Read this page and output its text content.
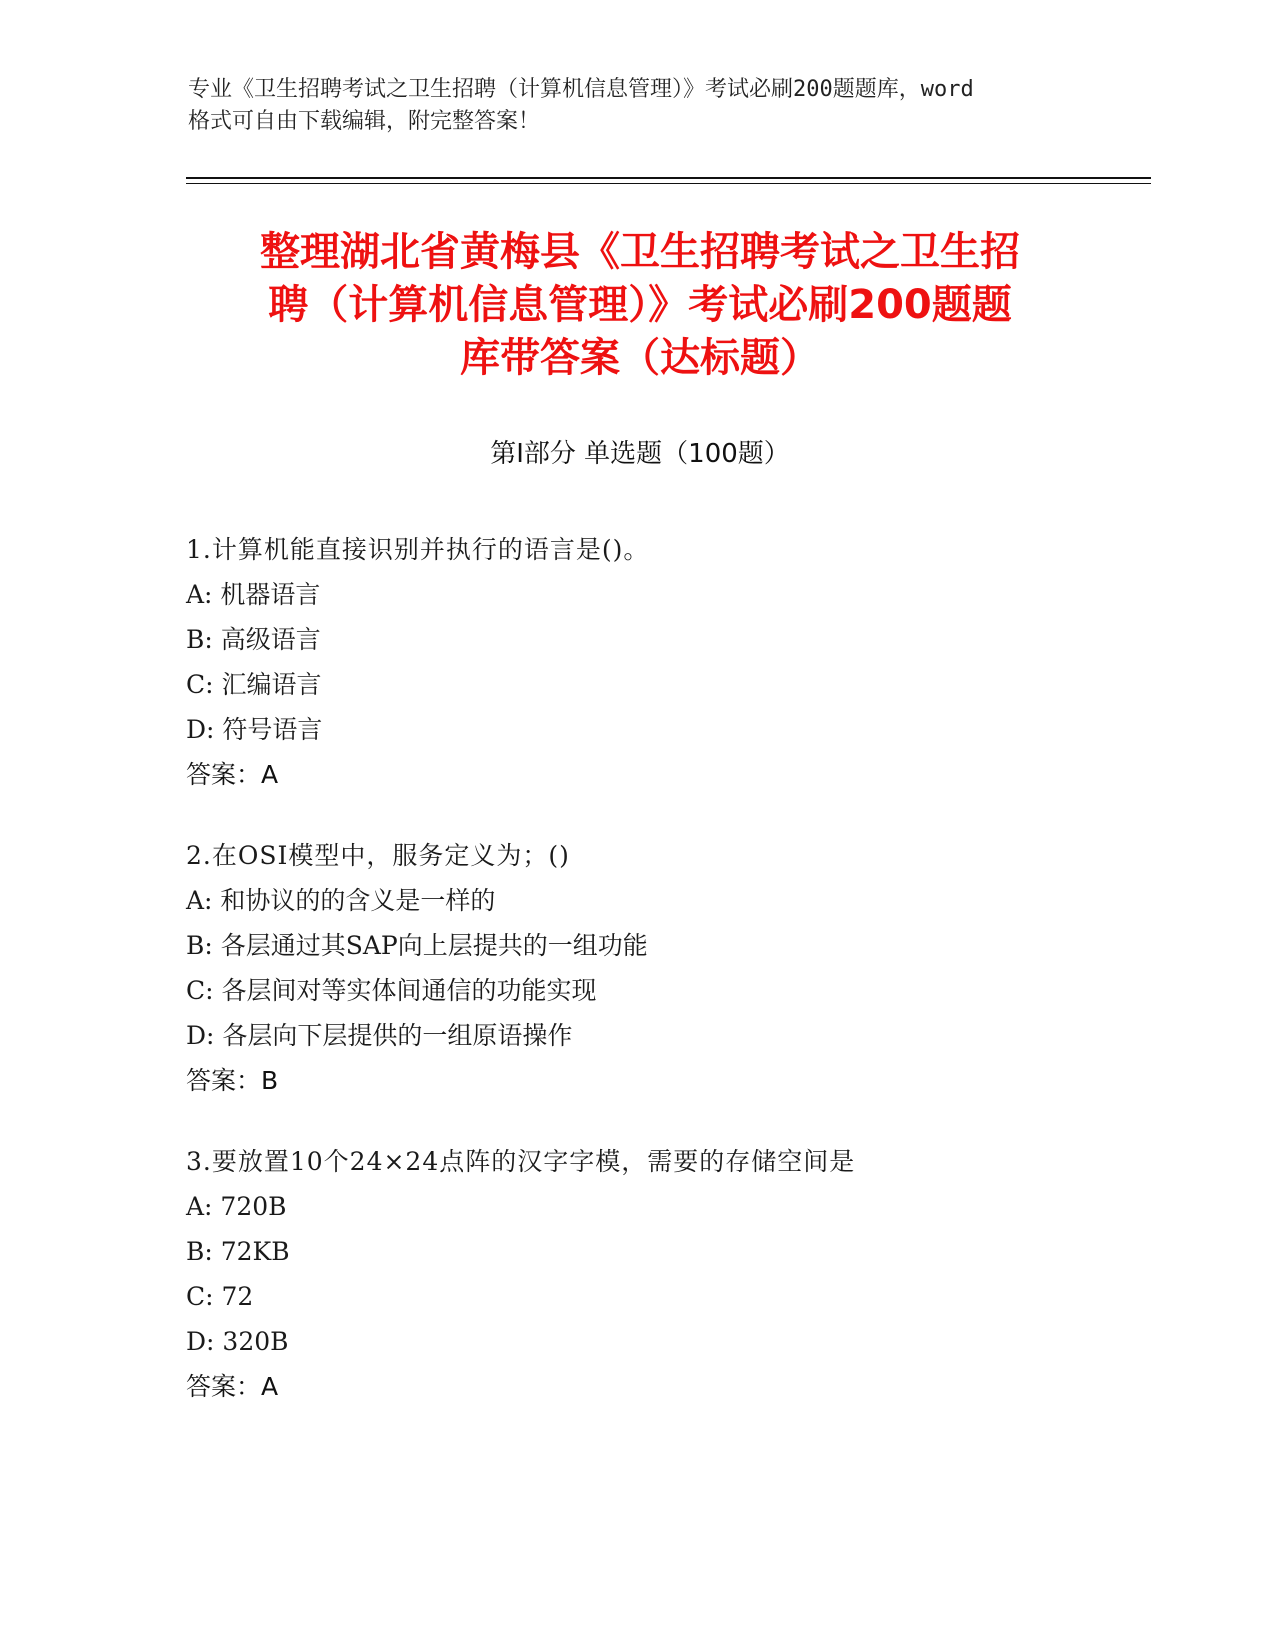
专业《卫生招聘考试之卫生招聘（计算机信息管理）》考试必刷200题题库，word
格式可自由下载编辑，附完整答案！
整理湖北省黄梅县《卫生招聘考试之卫生招
聘（计算机信息管理）》考试必刷200题题
库带答案（达标题）
第Ⅰ部分 单选题（100题）
1.计算机能直接识别并执行的语言是()。
A: 机器语言
B: 高级语言
C: 汇编语言
D: 符号语言
答案：A
2.在OSI模型中，服务定义为；()
A: 和协议的的含义是一样的
B: 各层通过其SAP向上层提共的一组功能
C: 各层间对等实体间通信的功能实现
D: 各层向下层提供的一组原语操作
答案：B
3.要放置10个24×24点阵的汉字字模，需要的存储空间是
A: 720B
B: 72KB
C: 72
D: 320B
答案：A
